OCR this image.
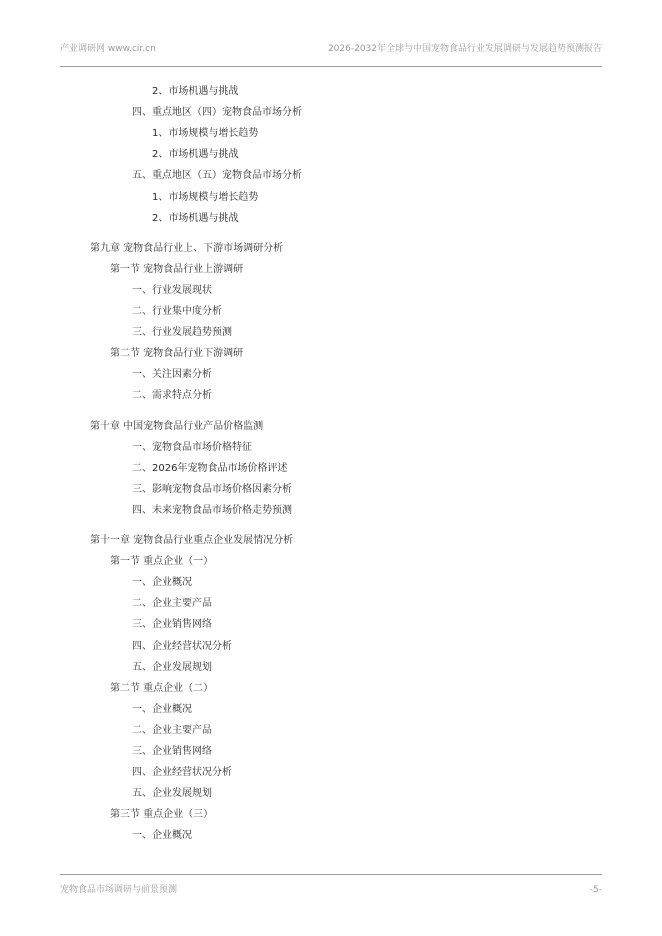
产业调研网 www.cir.cn	2026-2032年全球与中国宠物食品行业发展调研与发展趋势预测报告
2、市场机遇与挑战
四、重点地区（四）宠物食品市场分析
1、市场规模与增长趋势
2、市场机遇与挑战
五、重点地区（五）宠物食品市场分析
1、市场规模与增长趋势
2、市场机遇与挑战
第九章 宠物食品行业上、下游市场调研分析
第一节 宠物食品行业上游调研
一、行业发展现状
二、行业集中度分析
三、行业发展趋势预测
第二节 宠物食品行业下游调研
一、关注因素分析
二、需求特点分析
第十章 中国宠物食品行业产品价格监测
一、宠物食品市场价格特征
二、2026年宠物食品市场价格评述
三、影响宠物食品市场价格因素分析
四、未来宠物食品市场价格走势预测
第十一章 宠物食品行业重点企业发展情况分析
第一节 重点企业（一）
一、企业概况
二、企业主要产品
三、企业销售网络
四、企业经营状况分析
五、企业发展规划
第二节 重点企业（二）
一、企业概况
二、企业主要产品
三、企业销售网络
四、企业经营状况分析
五、企业发展规划
第三节 重点企业（三）
一、企业概况
宠物食品市场调研与前景预测	-5-
